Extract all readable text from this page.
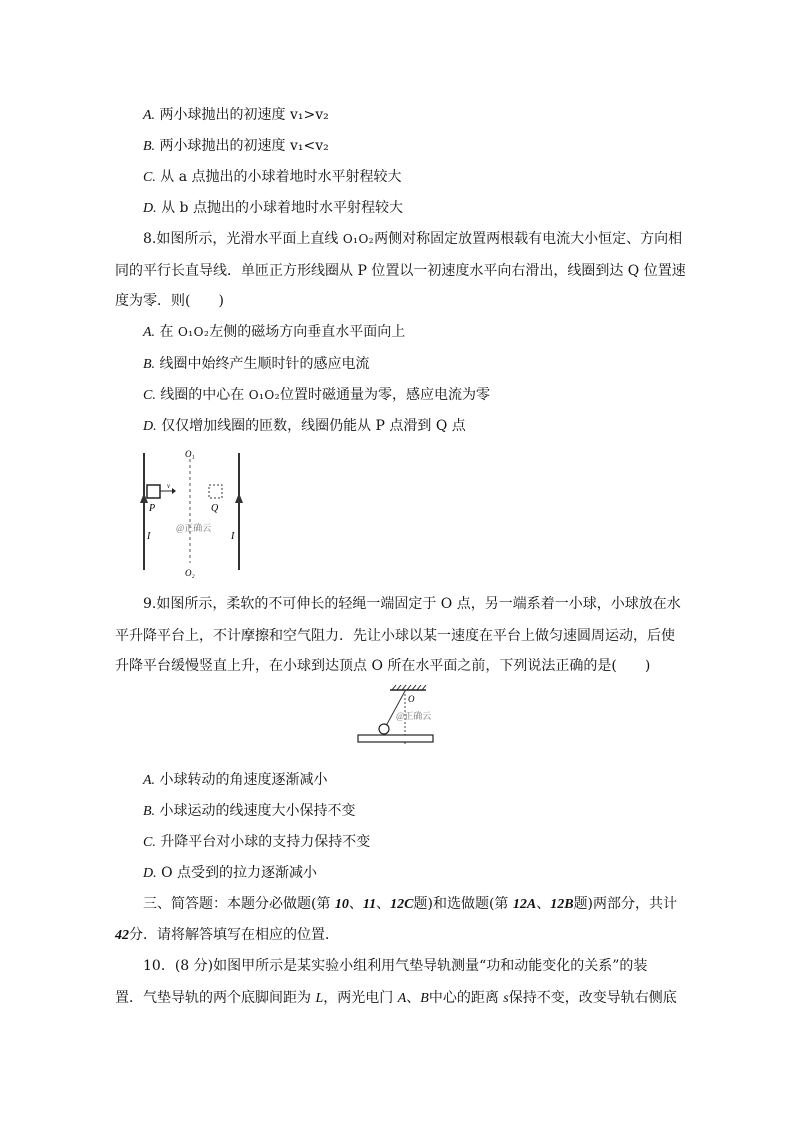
A. 两小球抛出的初速度 v₁>v₂
B. 两小球抛出的初速度 v₁<v₂
C. 从 a 点抛出的小球着地时水平射程较大
D. 从 b 点抛出的小球着地时水平射程较大
8.如图所示，光滑水平面上直线 O₁O₂两侧对称固定放置两根载有电流大小恒定、方向相
同的平行长直导线．单匝正方形线圈从 P 位置以一初速度水平向右滑出，线圈到达 Q 位置速
度为零．则(　　)
A. 在 O₁O₂左侧的磁场方向垂直水平面向上
B. 线圈中始终产生顺时针的感应电流
C. 线圈的中心在 O₁O₂位置时磁通量为零，感应电流为零
D. 仅仅增加线圈的匝数，线圈仍能从 P 点滑到 Q 点
O₁
O₂
P	Q
v
I	I
@正确云
9.如图所示，柔软的不可伸长的轻绳一端固定于 O 点，另一端系着一小球，小球放在水
平升降平台上，不计摩擦和空气阻力．先让小球以某一速度在平台上做匀速圆周运动，后使
升降平台缓慢竖直上升，在小球到达顶点 O 所在水平面之前，下列说法正确的是(　　)
O
@正确云
A. 小球转动的角速度逐渐减小
B. 小球运动的线速度大小保持不变
C. 升降平台对小球的支持力保持不变
D. O 点受到的拉力逐渐减小
三、简答题：本题分必做题(第 10、11、12C题)和选做题(第 12A、12B题)两部分，共计
42分．请将解答填写在相应的位置．
10．(8 分)如图甲所示是某实验小组利用气垫导轨测量“功和动能变化的关系”的装
置．气垫导轨的两个底脚间距为 L，两光电门 A、B中心的距离 s保持不变，改变导轨右侧底
